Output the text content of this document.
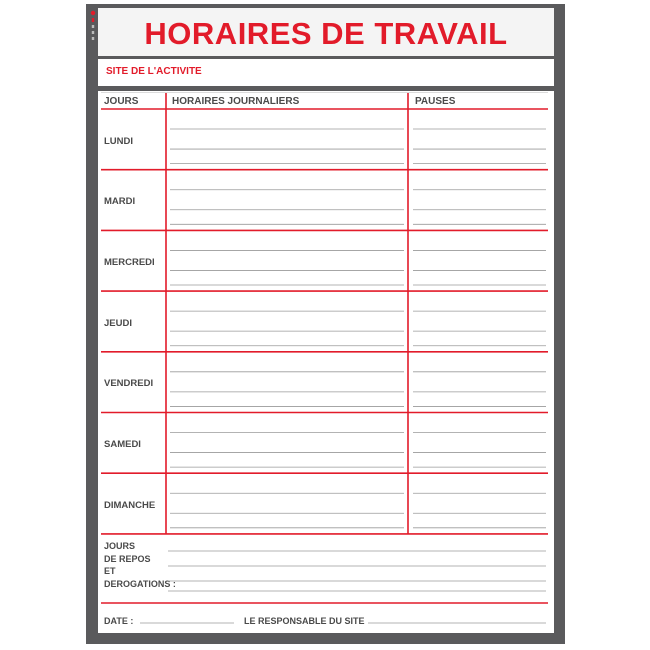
HORAIRES DE TRAVAIL
SITE DE L'ACTIVITE
JOURS	HORAIRES JOURNALIERS	PAUSES
LUNDI
MARDI
MERCREDI
JEUDI
VENDREDI
SAMEDI
DIMANCHE
JOURS
DE REPOS
ET
DEROGATIONS :
DATE :	LE RESPONSABLE DU SITE
